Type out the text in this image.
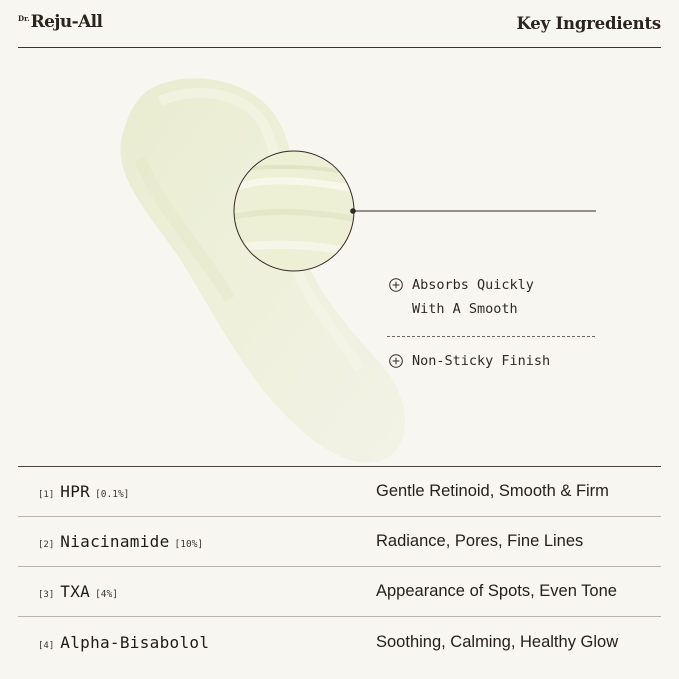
Dr. Reju-All	Key Ingredients
Absorbs Quickly
With A Smooth
Non-Sticky Finish
[1] HPR [0.1%]	Gentle Retinoid, Smooth & Firm
[2] Niacinamide [10%]	Radiance, Pores, Fine Lines
[3] TXA [4%]	Appearance of Spots, Even Tone
[4] Alpha-Bisabolol	Soothing, Calming, Healthy Glow
